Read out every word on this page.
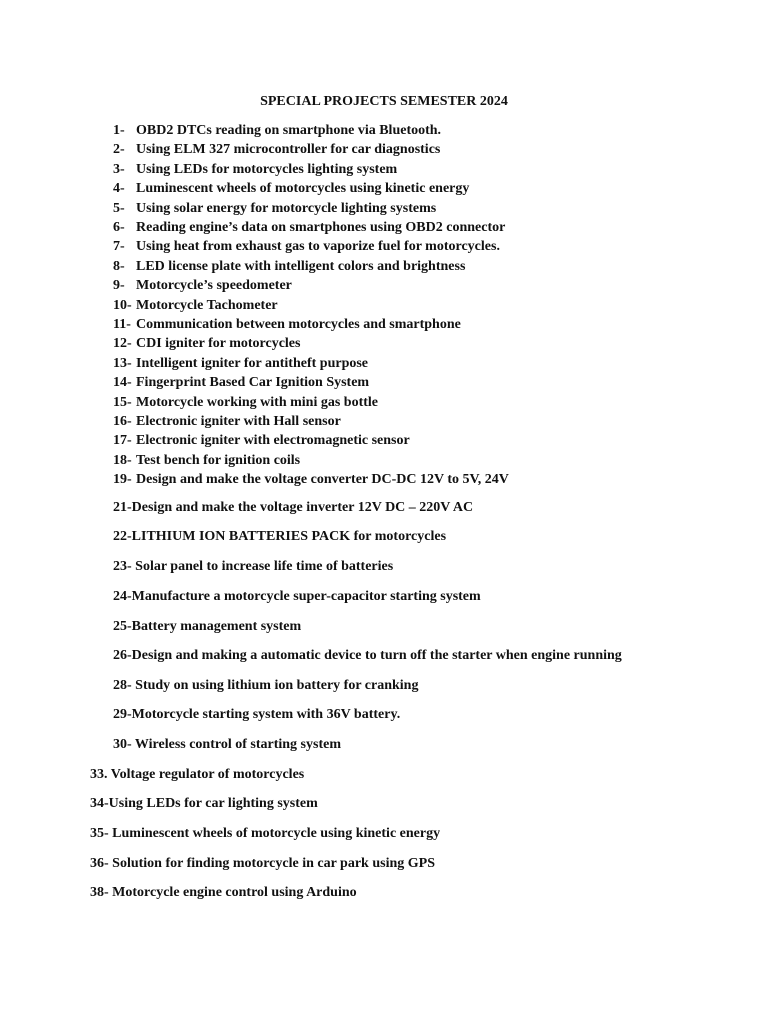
SPECIAL PROJECTS SEMESTER 2024
1- OBD2 DTCs reading on smartphone via Bluetooth.
2- Using ELM 327 microcontroller for car diagnostics
3- Using LEDs for motorcycles lighting system
4- Luminescent wheels of motorcycles using kinetic energy
5- Using solar energy for motorcycle lighting systems
6- Reading engine’s data on smartphones using OBD2 connector
7- Using heat from exhaust gas to vaporize fuel for motorcycles.
8- LED license plate with intelligent colors and brightness
9- Motorcycle’s speedometer
10- Motorcycle Tachometer
11- Communication between motorcycles and smartphone
12- CDI igniter for motorcycles
13- Intelligent igniter for antitheft purpose
14- Fingerprint Based Car Ignition System
15- Motorcycle working with mini gas bottle
16- Electronic igniter with Hall sensor
17- Electronic igniter with electromagnetic sensor
18- Test bench for ignition coils
19- Design and make the voltage converter DC-DC 12V to 5V, 24V
21-Design and make the voltage inverter 12V DC – 220V AC
22-LITHIUM ION BATTERIES PACK for motorcycles
23- Solar panel to increase life time of batteries
24-Manufacture a motorcycle super-capacitor starting system
25-Battery management system
26-Design and making a automatic device to turn off the starter when engine running
28- Study on using lithium ion battery for cranking
29-Motorcycle starting system with 36V battery.
30- Wireless control of starting system
33. Voltage regulator of motorcycles
34-Using LEDs for car lighting system
35- Luminescent wheels of motorcycle using kinetic energy
36- Solution for finding motorcycle in car park using GPS
38- Motorcycle engine control using Arduino
